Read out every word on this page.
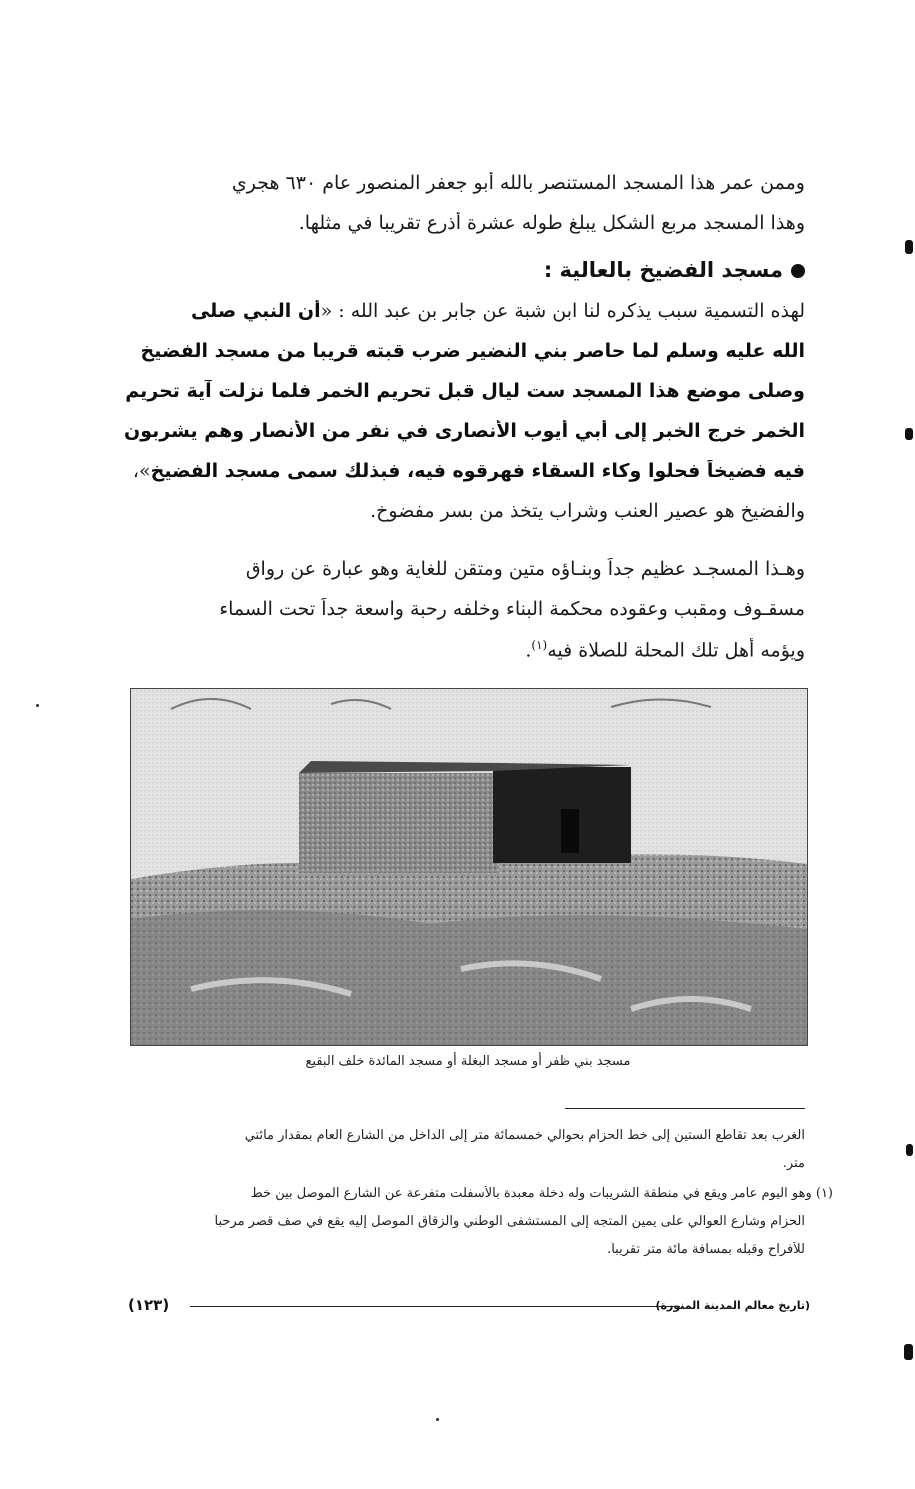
وممن عمر هذا المسجد المستنصر بالله أبو جعفر المنصور عام ٦٣٠ هجري
وهذا المسجد مربع الشكل يبلغ طوله عشرة أذرع تقريبا في مثلها.
مسجد الفضيخ بالعالية :
لهذه التسمية سبب يذكره لنا ابن شبة عن جابر بن عبد الله : «أن النبي صلى
الله عليه وسلم لما حاصر بني النضير ضرب قبته قريبا من مسجد الفضيخ
وصلى موضع هذا المسجد ست ليال قبل تحريم الخمر فلما نزلت آية تحريم
الخمر خرج الخبر إلى أبي أيوب الأنصارى في نفر من الأنصار وهم يشربون
فيه فضيخاً فحلوا وكاء السقاء فهرقوه فيه، فبذلك سمى مسجد الفضيخ»،
والفضيخ هو عصير العنب وشراب يتخذ من بسر مفضوخ.
وهـذا المسجـد عظيم جداً وبنـاؤه متين ومتقن للغاية وهو عبارة عن رواق
مسقـوف ومقبب وعقوده محكمة البناء وخلفه رحبة واسعة جداً تحت السماء
ويؤمه أهل تلك المحلة للصلاة فيه$^{(١)}$.
مسجد بني ظفر أو مسجد البغلة أو مسجد المائدة خلف البقيع
الغرب بعد تقاطع الستين إلى خط الحزام بحوالي خمسمائة متر إلى الداخل من الشارع العام بمقدار مائتي
متر.
(١) وهو اليوم عامر ويقع في منطقة الشريبات وله دخلة معبدة بالأسفلت متفرعة عن الشارع الموصل بين خط
الحزام وشارع العوالي على يمين المتجه إلى المستشفى الوطني والزقاق الموصل إليه يقع في صف قصر مرحباً
للأفراح وقبله بمسافة مائة متر تقريباً.
(تاريخ معالم المدينة المنورة)
(١٢٣)
